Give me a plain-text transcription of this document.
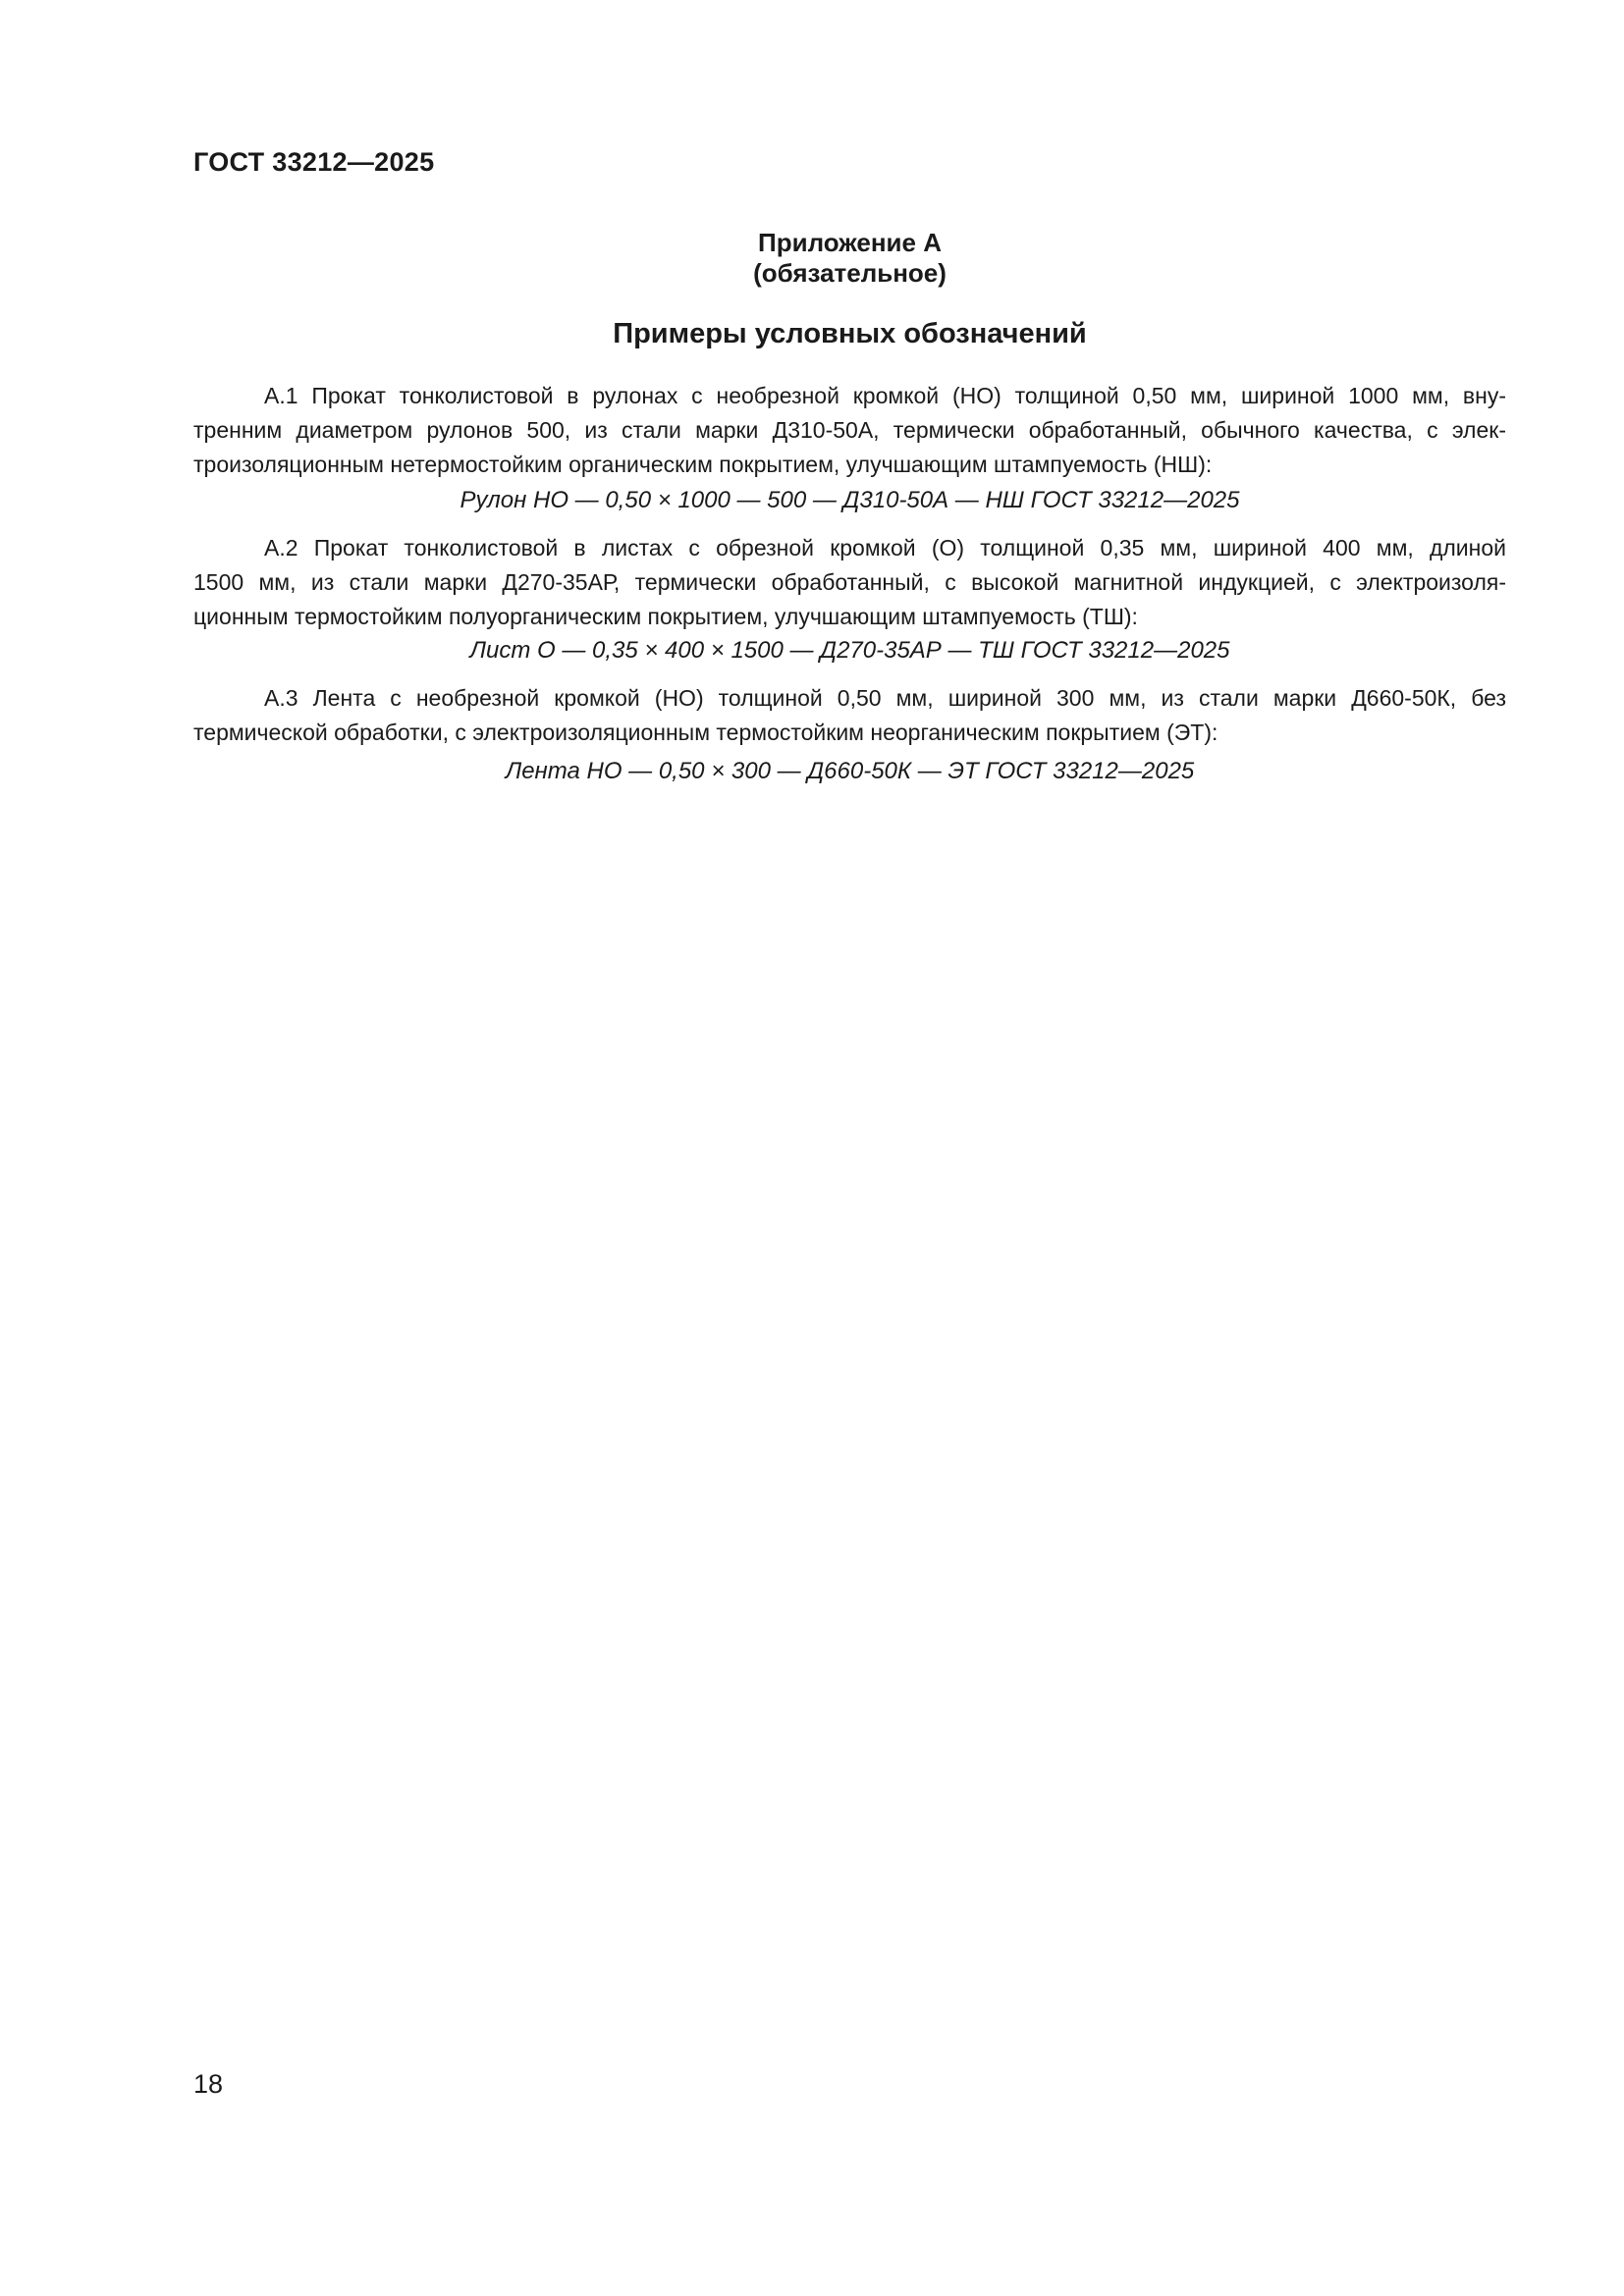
ГОСТ 33212—2025
Приложение А
(обязательное)
Примеры условных обозначений
А.1 Прокат тонколистовой в рулонах с необрезной кромкой (НО) толщиной 0,50 мм, шириной 1000 мм, вну-
тренним диаметром рулонов 500, из стали марки Д310-50А, термически обработанный, обычного качества, с элек-
троизоляционным нетермостойким органическим покрытием, улучшающим штампуемость (НШ):
Рулон НО — 0,50 × 1000 — 500 — Д310-50А — НШ ГОСТ 33212—2025
А.2 Прокат тонколистовой в листах с обрезной кромкой (О) толщиной 0,35 мм, шириной 400 мм, длиной
1500 мм, из стали марки Д270-35АР, термически обработанный, с высокой магнитной индукцией, с электроизоля-
ционным термостойким полуорганическим покрытием, улучшающим штампуемость (ТШ):
Лист О — 0,35 × 400 × 1500 — Д270-35АР — ТШ ГОСТ 33212—2025
А.3 Лента с необрезной кромкой (НО) толщиной 0,50 мм, шириной 300 мм, из стали марки Д660-50К, без
термической обработки, с электроизоляционным термостойким неорганическим покрытием (ЭТ):
Лента НО — 0,50 × 300 — Д660-50К — ЭТ ГОСТ 33212—2025
18
